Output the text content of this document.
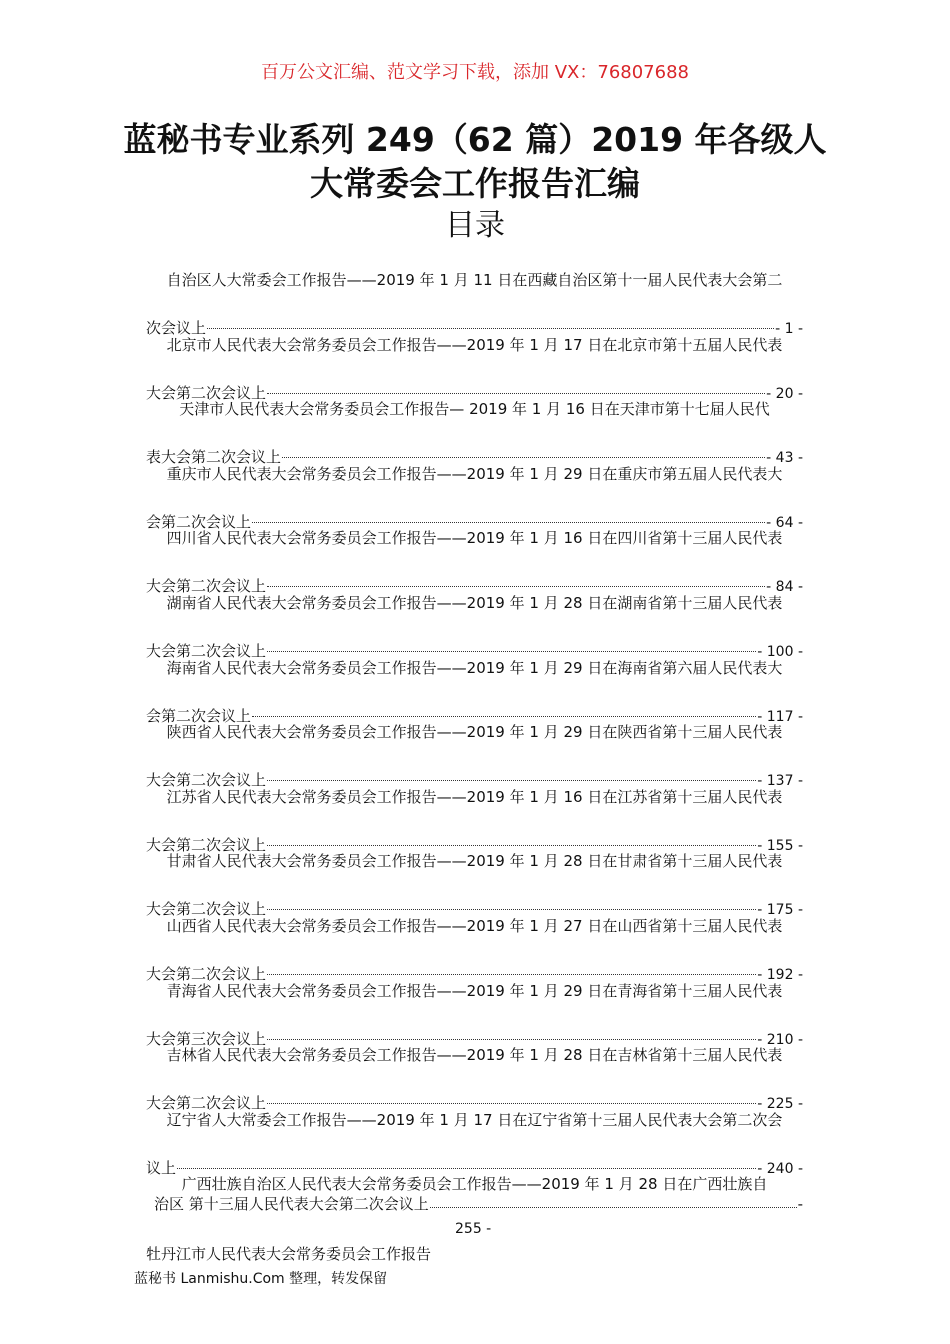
百万公文汇编、范文学习下载，添加 VX：76807688
蓝秘书专业系列 249（62 篇）2019 年各级人大常委会工作报告汇编
目录
自治区人大常委会工作报告——2019 年 1 月 11 日在西藏自治区第十一届人民代表大会第二
次会议上	- 1 -
北京市人民代表大会常务委员会工作报告——2019 年 1 月 17 日在北京市第十五届人民代表
大会第二次会议上	- 20 -
天津市人民代表大会常务委员会工作报告— 2019 年 1 月 16 日在天津市第十七届人民代
表大会第二次会议上	- 43 -
重庆市人民代表大会常务委员会工作报告——2019 年 1 月 29 日在重庆市第五届人民代表大
会第二次会议上	- 64 -
四川省人民代表大会常务委员会工作报告——2019 年 1 月 16 日在四川省第十三届人民代表
大会第二次会议上	- 84 -
湖南省人民代表大会常务委员会工作报告——2019 年 1 月 28 日在湖南省第十三届人民代表
大会第二次会议上	- 100 -
海南省人民代表大会常务委员会工作报告——2019 年 1 月 29 日在海南省第六届人民代表大
会第二次会议上	- 117 -
陕西省人民代表大会常务委员会工作报告——2019 年 1 月 29 日在陕西省第十三届人民代表
大会第二次会议上	- 137 -
江苏省人民代表大会常务委员会工作报告——2019 年 1 月 16 日在江苏省第十三届人民代表
大会第二次会议上	- 155 -
甘肃省人民代表大会常务委员会工作报告——2019 年 1 月 28 日在甘肃省第十三届人民代表
大会第二次会议上	- 175 -
山西省人民代表大会常务委员会工作报告——2019 年 1 月 27 日在山西省第十三届人民代表
大会第二次会议上	- 192 -
青海省人民代表大会常务委员会工作报告——2019 年 1 月 29 日在青海省第十三届人民代表
大会第三次会议上	- 210 -
吉林省人民代表大会常务委员会工作报告——2019 年 1 月 28 日在吉林省第十三届人民代表
大会第二次会议上	- 225 -
辽宁省人大常委会工作报告——2019 年 1 月 17 日在辽宁省第十三届人民代表大会第二次会
议上	- 240 -
广西壮族自治区人民代表大会常务委员会工作报告——2019 年 1 月 28 日在广西壮族自
治区 第十三届人民代表大会第二次会议上	-
255 -
牡丹江市人民代表大会常务委员会工作报告
蓝秘书 Lanmishu.Com 整理，转发保留
